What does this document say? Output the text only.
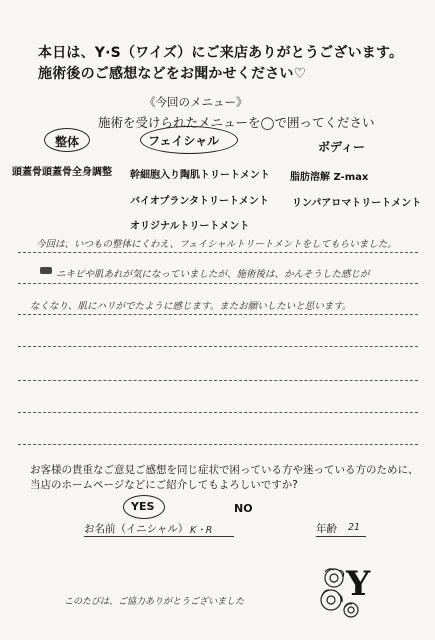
本日は、Y·S（ワイズ）にご来店ありがとうございます。
施術後のご感想などをお聞かせください♡
《今回のメニュー》
施術を受けられたメニューを◯で囲ってください
整体	フェイシャル	ボディー
頭蓋骨頭蓋骨全身調整 幹細胞入り陶肌トリートメント 脂肪溶解 Z-max
バイオプランタトリートメント リンパアロマトリートメント
オリジナルトリートメント
今回は、いつもの整体にくわえ、フェイシャルトリートメントをしてもらいました。
ニキビや肌あれが気になっていましたが、施術後は、かんそうした感じが
なくなり、肌にハリがでたように感じます。またお願いしたいと思います。
お客様の貴重なご意見ご感想を同じ症状で困っている方や迷っている方のために、
当店のホームページなどにご紹介してもよろしいですか?
YES	NO
お名前（イニシャル） K・R	年齢 21
このたびは、ご協力ありがとうございました	Y
